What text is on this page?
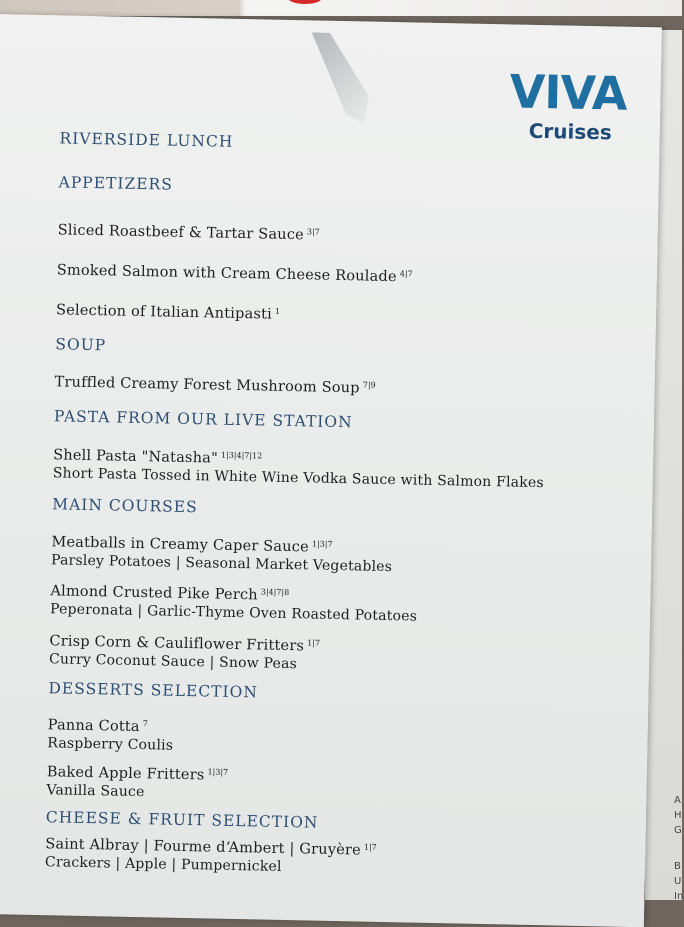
A
H
G
B
U
In
VIVA
Cruises
RIVERSIDE LUNCH
APPETIZERS
Sliced Roastbeef & Tartar Sauce $^{3|7}$
Smoked Salmon with Cream Cheese Roulade $^{4|7}$
Selection of Italian Antipasti $^1$
SOUP
Truffled Creamy Forest Mushroom Soup $^{7|9}$
PASTA FROM OUR LIVE STATION
Shell Pasta "Natasha" $^{1|3|4|7|12}$
Short Pasta Tossed in White Wine Vodka Sauce with Salmon Flakes
MAIN COURSES
Meatballs in Creamy Caper Sauce $^{1|3|7}$
Parsley Potatoes | Seasonal Market Vegetables
Almond Crusted Pike Perch $^{3|4|7|8}$
Peperonata | Garlic-Thyme Oven Roasted Potatoes
Crisp Corn & Cauliflower Fritters $^{1|7}$
Curry Coconut Sauce | Snow Peas
DESSERTS SELECTION
Panna Cotta $^7$
Raspberry Coulis
Baked Apple Fritters $^{1|3|7}$
Vanilla Sauce
CHEESE & FRUIT SELECTION
Saint Albray | Fourme d‘Ambert | Gruyère $^{1|7}$
Crackers | Apple | Pumpernickel
